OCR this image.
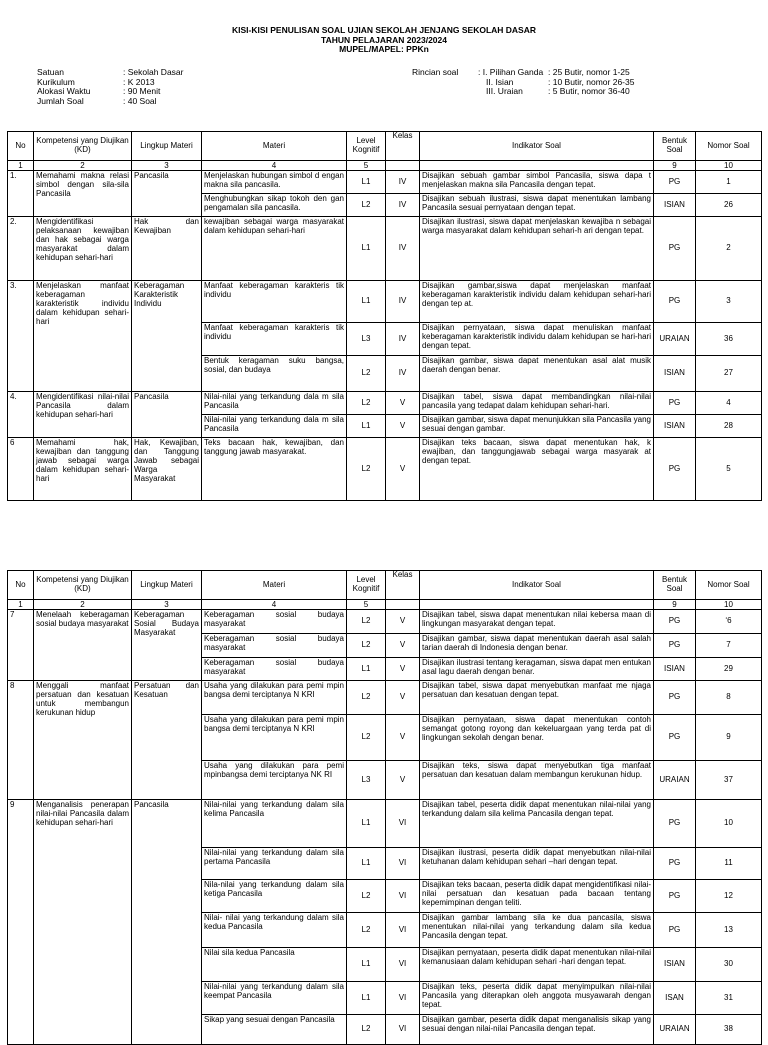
KISI-KISI PENULISAN SOAL UJIAN SEKOLAH JENJANG SEKOLAH DASAR
TAHUN PELAJARAN 2023/2024
MUPEL/MAPEL: PPKn
Satuan	: Sekolah Dasar
Kurikulum	: K 2013
Alokasi Waktu	: 90 Menit
Jumlah Soal	: 40 Soal
Rincian soal	: I. Pilihan Ganda : 25 Butir, nomor 1-25
II. Isian	: 10 Butir, nomor 26-35
III. Uraian	: 5 Butir, nomor 36-40
No	Kompetensi yang Diujikan (KD)	Lingkup Materi	Materi	Level Kognitif	Kelas	Indikator Soal	Bentuk Soal	Nomor Soal
1	2	3	4	5			9	10
1.	Memahami makna relasi simbol dengan sila-sila Pancasila	Pancasila	Menjelaskan hubungan simbol d engan makna sila pancasila.	L1	IV	Disajikan sebuah gambar simbol Pancasila, siswa dapa t menjelaskan makna sila Pancasila dengan tepat.	PG	1
			Menghubungkan sikap tokoh den gan pengamalan sila pancasila.	L2	IV	Disajikan sebuah ilustrasi, siswa dapat menentukan lambang Pancasila sesuai pernyataan dengan tepat.	ISIAN	26
2.	Mengidentifikasi pelaksanaan kewajiban dan hak sebagai warga masyarakat dalam kehidupan sehari-hari	Hak dan Kewajiban	kewajiban sebagai warga masyarakat dalam kehidupan sehari-hari	L1	IV	Disajikan ilustrasi, siswa dapat menjelaskan kewajiba n sebagai warga masyarakat dalam kehidupan sehari-h ari dengan tepat.	PG	2
3.	Menjelaskan manfaat keberagaman karakteristik individu dalam kehidupan sehari-hari	Keberagaman Karakteristik Individu	Manfaat keberagaman karakteris tik individu	L1	IV	Disajikan gambar,siswa dapat menjelaskan manfaat keberagaman karakteristik individu dalam kehidupan sehari-hari dengan tep at.	PG	3
			Manfaat keberagaman karakteris tik individu	L3	IV	Disajikan pernyataan, siswa dapat menuliskan manfaat keberagaman karakteristik individu dalam kehidupan se hari-hari dengan tepat.	URAIAN	36
			Bentuk keragaman suku bangsa, sosial, dan budaya	L2	IV	Disajikan gambar, siswa dapat menentukan asal alat musik daerah dengan benar.	ISIAN	27
4.	Mengidentifikasi nilai-nilai Pancasila dalam kehidupan sehari-hari	Pancasila	Nilai-nilai yang terkandung dala m sila Pancasila	L2	V	Disajikan tabel, siswa dapat membandingkan nilai-nilai pancasila yang tedapat dalam kehidupan sehari-hari.	PG	4
			Nilai-nilai yang terkandung dala m sila Pancasila	L1	V	Disajikan gambar, siswa dapat menunjukkan sila Pancasila yang sesuai dengan gambar.	ISIAN	28
6	Memahami hak, kewajiban dan tanggung jawab sebagai warga dalam kehidupan sehari-hari	Hak, Kewajiban, dan Tanggung Jawab sebagai Warga Masyarakat	Teks bacaan hak, kewajiban, dan tanggung jawab masyarakat.	L2	V	Disajikan teks bacaan, siswa dapat menentukan hak, k ewajiban, dan tanggungjawab sebagai warga masyarak at dengan tepat.	PG	5
No	Kompetensi yang Diujikan (KD)	Lingkup Materi	Materi	Level Kognitif	Kelas	Indikator Soal	Bentuk Soal	Nomor Soal
1	2	3	4	5			9	10
7	Menelaah keberagaman sosial budaya masyarakat	Keberagaman Sosial Budaya Masyarakat	Keberagaman sosial budaya masyarakat	L2	V	Disajikan tabel, siswa dapat menentukan nilai kebersa maan di lingkungan masyarakat dengan tepat.	PG	‘6
			Keberagaman sosial budaya masyarakat	L2	V	Disajikan gambar, siswa dapat menentukan daerah asal salah tarian daerah di Indonesia dengan benar.	PG	7
			Keberagaman sosial budaya masyarakat	L1	V	Disajikan ilustrasi tentang keragaman, siswa dapat men entukan asal lagu daerah dengan benar.	ISIAN	29
8	Menggali manfaat persatuan dan kesatuan untuk membangun kerukunan hidup	Persatuan dan Kesatuan	Usaha yang dilakukan para pemi mpin bangsa demi terciptanya N KRI	L2	V	Disajikan tabel, siswa dapat menyebutkan manfaat me njaga persatuan dan kesatuan dengan tepat.	PG	8
			Usaha yang dilakukan para pemi mpin bangsa demi terciptanya N KRI	L2	V	Disajikan pernyataan, siswa dapat menentukan contoh semangat gotong royong dan kekeluargaan yang terda pat di lingkungan sekolah dengan benar.	PG	9
			Usaha yang dilakukan para pemi mpinbangsa demi terciptanya NK RI	L3	V	Disajikan teks, siswa dapat menyebutkan tiga manfaat persatuan dan kesatuan dalam membangun kerukunan hidup.	URAIAN	37
9	Menganalisis penerapan nilai-nilai Pancasila dalam kehidupan sehari-hari	Pancasila	Nilai-nilai yang terkandung dalam sila kelima Pancasila	L1	VI	Disajikan tabel, peserta didik dapat menentukan nilai-nilai yang terkandung dalam sila kelima Pancasila dengan tepat.	PG	10
			Nilai-nilai yang terkandung dalam sila pertama Pancasila	L1	VI	Disajikan ilustrasi, peserta didik dapat menyebutkan nilai-nilai ketuhanan dalam kehidupan sehari –hari dengan tepat.	PG	11
			Nila-nilai yang terkandung dalam sila ketiga Pancasila	L2	VI	Disajikan teks bacaan, peserta didik dapat mengidentifikasi nilai-nilai persatuan dan kesatuan pada bacaan tentang kepemimpinan dengan teliti.	PG	12
			Nilai- nilai yang terkandung dalam sila kedua Pancasila	L2	VI	Disajikan gambar lambang sila ke dua pancasila, siswa menentukan nilai-nilai yang terkandung dalam sila kedua Pancasila dengan tepat.	PG	13
			Nilai sila kedua Pancasila	L1	VI	Disajikan pernyataan, peserta didik dapat menentukan nilai-nilai kemanusiaan dalam kehidupan sehari -hari dengan tepat.	ISIAN	30
			Nilai-nilai yang terkandung dalam sila keempat Pancasila	L1	VI	Disajikan teks, peserta didik dapat menyimpulkan nilai-nilai Pancasila yang diterapkan oleh anggota musyawarah dengan tepat.	ISAN	31
			Sikap yang sesuai dengan Pancasila	L2	VI	Disajikan gambar, peserta didik dapat menganalisis sikap yang sesuai dengan nilai-nilai Pancasila dengan tepat.	URAIAN	38
